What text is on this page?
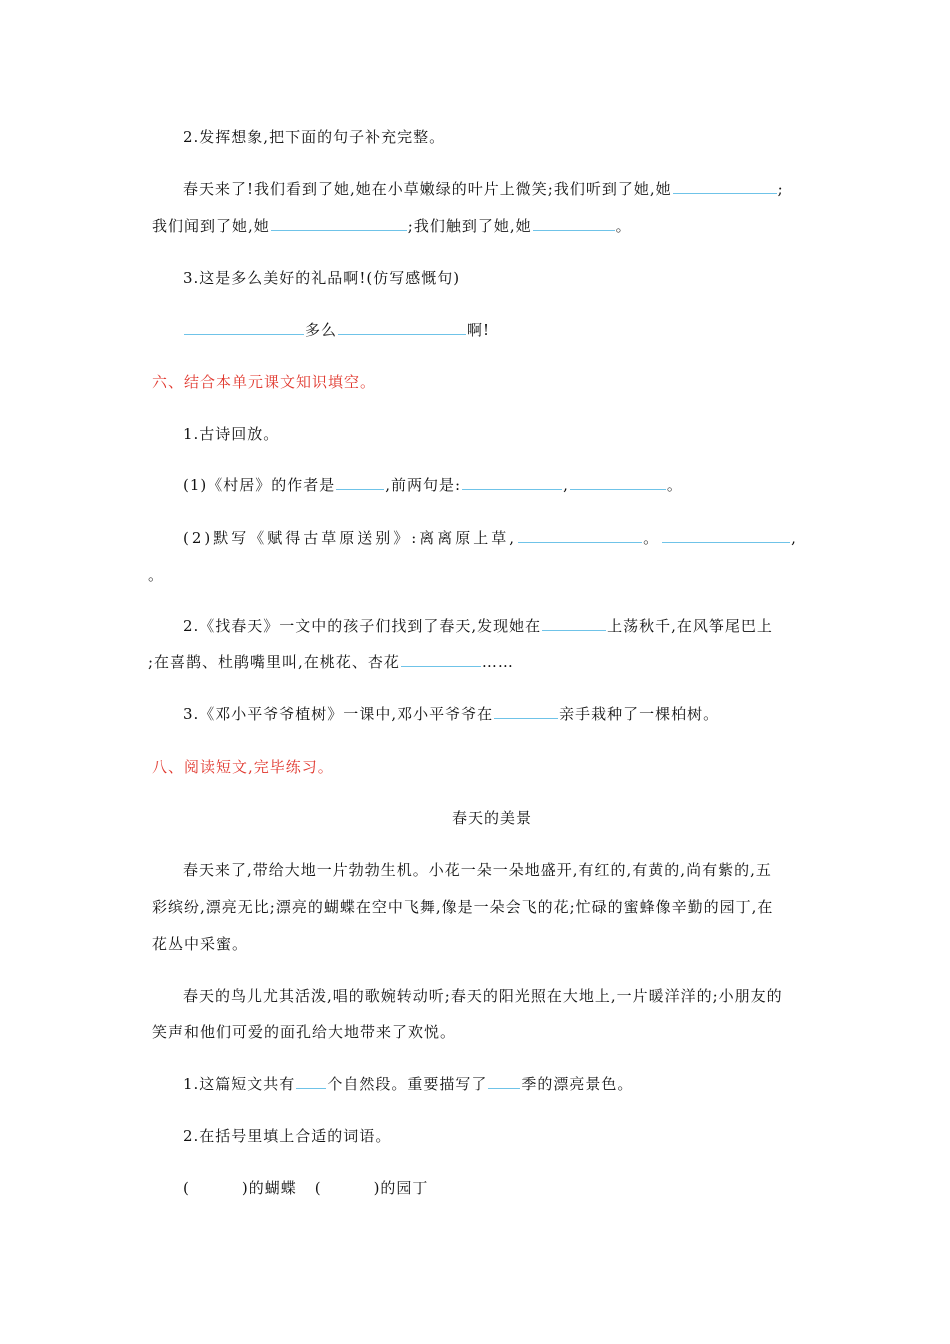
2.发挥想象,把下面的句子补充完整。
春天来了!我们看到了她,她在小草嫩绿的叶片上微笑;我们听到了她,她	;
我们闻到了她,她	;我们触到了她,她	。
3.这是多么美好的礼品啊!(仿写感慨句)
多么	啊!
六、结合本单元课文知识填空。
1.古诗回放。
(1)《村居》的作者是	,前两句是:	,	。
(2)默写《赋得古草原送别》:离离原上草,	。	,
。
2.《找春天》一文中的孩子们找到了春天,发现她在	上荡秋千,在风筝尾巴上
;在喜鹊、杜鹃嘴里叫,在桃花、杏花	……
3.《邓小平爷爷植树》一课中,邓小平爷爷在	亲手栽种了一棵柏树。
八、阅读短文,完毕练习。
春天的美景
春天来了,带给大地一片勃勃生机。小花一朵一朵地盛开,有红的,有黄的,尚有紫的,五
彩缤纷,漂亮无比;漂亮的蝴蝶在空中飞舞,像是一朵会飞的花;忙碌的蜜蜂像辛勤的园丁,在
花丛中采蜜。
春天的鸟儿尤其活泼,唱的歌婉转动听;春天的阳光照在大地上,一片暖洋洋的;小朋友的
笑声和他们可爱的面孔给大地带来了欢悦。
1.这篇短文共有 个自然段。重要描写了 季的漂亮景色。
2.在括号里填上合适的词语。
(	)的蝴蝶 (	)的园丁
